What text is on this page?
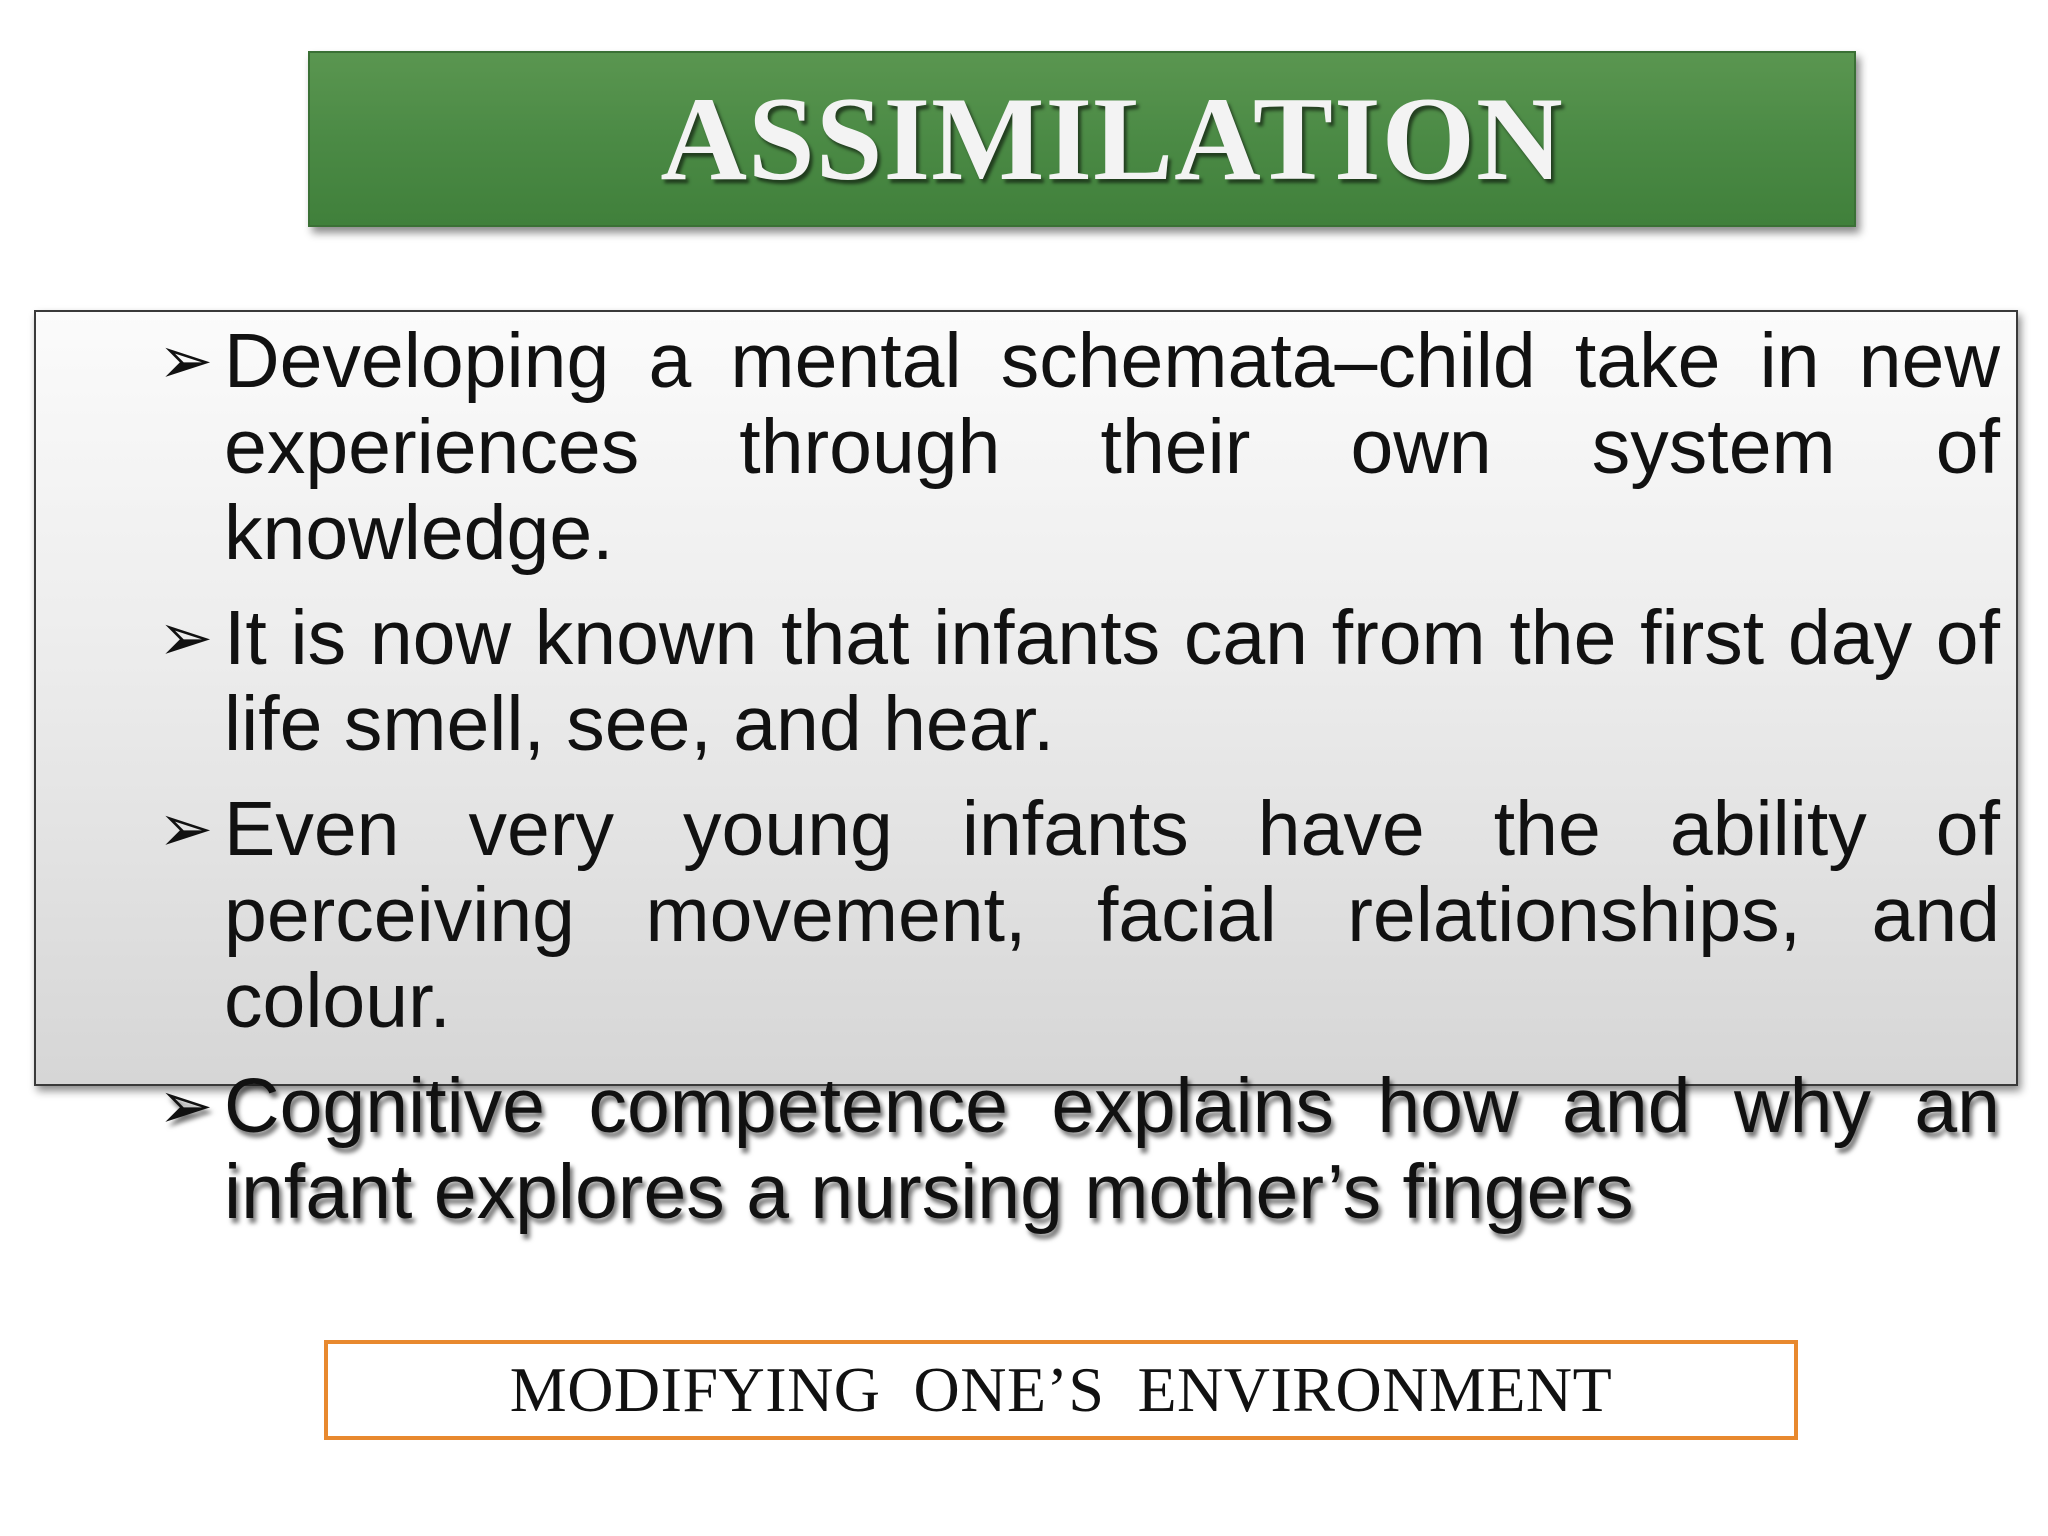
ASSIMILATION
➢ Developing a mental schemata–child take in new experiences through their own system of knowledge.
➢ It is now known that infants can from the first day of life smell, see, and hear.
➢ Even very young infants have the ability of perceiving movement, facial relationships, and colour.
➢ Cognitive competence explains how and why an infant explores a nursing mother’s fingers
MODIFYING  ONE’S  ENVIRONMENT
